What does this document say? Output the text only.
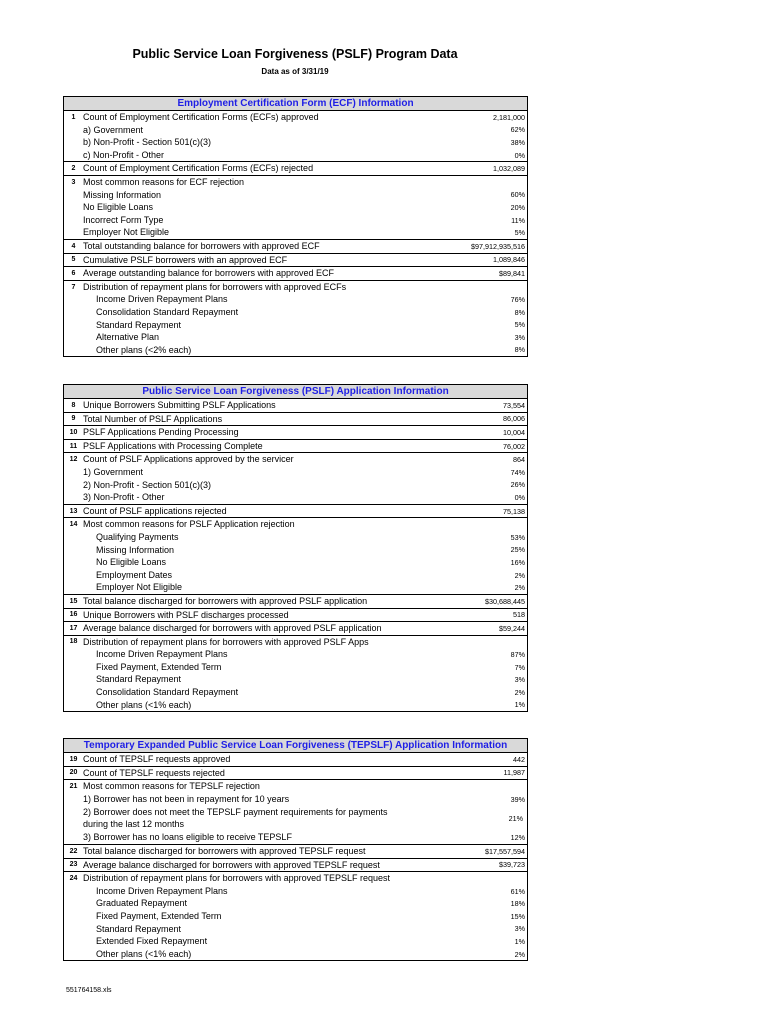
Public Service Loan Forgiveness (PSLF) Program Data
Data as of 3/31/19
Employment Certification Form (ECF) Information
1 Count of Employment Certification Forms (ECFs) approved	2,181,000
a) Government	62%
b) Non-Profit - Section 501(c)(3)	38%
c) Non-Profit - Other	0%
2 Count of Employment Certification Forms (ECFs) rejected	1,032,089
3 Most common reasons for ECF rejection
Missing Information	60%
No Eligible Loans	20%
Incorrect Form Type	11%
Employer Not Eligible	5%
4 Total outstanding balance for borrowers with approved ECF	$97,912,935,516
5 Cumulative PSLF borrowers with an approved ECF	1,089,846
6 Average outstanding balance for borrowers with approved ECF	$89,841
7 Distribution of repayment plans for borrowers with approved ECFs
Income Driven Repayment Plans	76%
Consolidation Standard Repayment	8%
Standard Repayment	5%
Alternative Plan	3%
Other plans (<2% each)	8%
Public Service Loan Forgiveness (PSLF) Application Information
8 Unique Borrowers Submitting PSLF Applications	73,554
9 Total Number of PSLF Applications	86,006
10 PSLF Applications Pending Processing	10,004
11 PSLF Applications with Processing Complete	76,002
12 Count of PSLF Applications approved by the servicer	864
1) Government	74%
2) Non-Profit - Section 501(c)(3)	26%
3) Non-Profit - Other	0%
13 Count of PSLF applications rejected	75,138
14 Most common reasons for PSLF Application rejection
Qualifying Payments	53%
Missing Information	25%
No Eligible Loans	16%
Employment Dates	2%
Employer Not Eligible	2%
15 Total balance discharged for borrowers with approved PSLF application	$30,688,445
16 Unique Borrowers with PSLF discharges processed	518
17 Average balance discharged for borrowers with approved PSLF application	$59,244
18 Distribution of repayment plans for borrowers with approved PSLF Apps
Income Driven Repayment Plans	87%
Fixed Payment, Extended Term	7%
Standard Repayment	3%
Consolidation Standard Repayment	2%
Other plans (<1% each)	1%
Temporary Expanded Public Service Loan Forgiveness (TEPSLF) Application Information
19 Count of TEPSLF requests approved	442
20 Count of TEPSLF requests rejected	11,987
21 Most common reasons for TEPSLF rejection
1) Borrower has not been in repayment for 10 years	39%
2) Borrower does not meet the TEPSLF payment requirements for payments during the last 12 months
21%
3) Borrower has no loans eligible to receive TEPSLF	12%
22 Total balance discharged for borrowers with approved TEPSLF request	$17,557,594
23 Average balance discharged for borrowers with approved TEPSLF request	$39,723
24 Distribution of repayment plans for borrowers with approved TEPSLF request
Income Driven Repayment Plans	61%
Graduated Repayment	18%
Fixed Payment, Extended Term	15%
Standard Repayment	3%
Extended Fixed Repayment	1%
Other plans (<1% each)	2%
551764158.xls
